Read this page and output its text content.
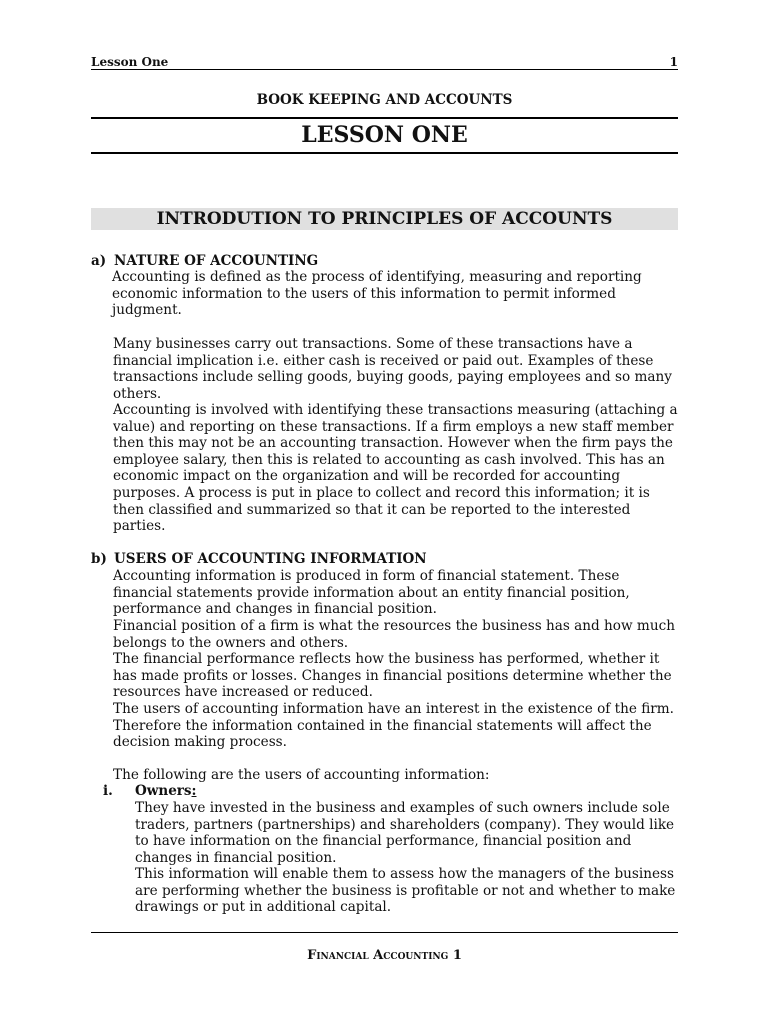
Lesson One	1
BOOK KEEPING AND ACCOUNTS
LESSON ONE
INTRODUTION TO PRINCIPLES OF ACCOUNTS
a) NATURE OF ACCOUNTING
Accounting is defined as the process of identifying, measuring and reporting economic information to the users of this information to permit informed judgment.
Many businesses carry out transactions. Some of these transactions have a financial implication i.e. either cash is received or paid out. Examples of these transactions include selling goods, buying goods, paying employees and so many others.
Accounting is involved with identifying these transactions measuring (attaching a value) and reporting on these transactions. If a firm employs a new staff member then this may not be an accounting transaction. However when the firm pays the employee salary, then this is related to accounting as cash involved. This has an economic impact on the organization and will be recorded for accounting purposes. A process is put in place to collect and record this information; it is then classified and summarized so that it can be reported to the interested parties.
b) USERS OF ACCOUNTING INFORMATION
Accounting information is produced in form of financial statement. These financial statements provide information about an entity financial position, performance and changes in financial position.
Financial position of a firm is what the resources the business has and how much belongs to the owners and others.
The financial performance reflects how the business has performed, whether it has made profits or losses. Changes in financial positions determine whether the resources have increased or reduced.
The users of accounting information have an interest in the existence of the firm. Therefore the information contained in the financial statements will affect the decision making process.
The following are the users of accounting information:
i. Owners:
They have invested in the business and examples of such owners include sole traders, partners (partnerships) and shareholders (company). They would like to have information on the financial performance, financial position and changes in financial position.
This information will enable them to assess how the managers of the business are performing whether the business is profitable or not and whether to make drawings or put in additional capital.
Financial Accounting 1
